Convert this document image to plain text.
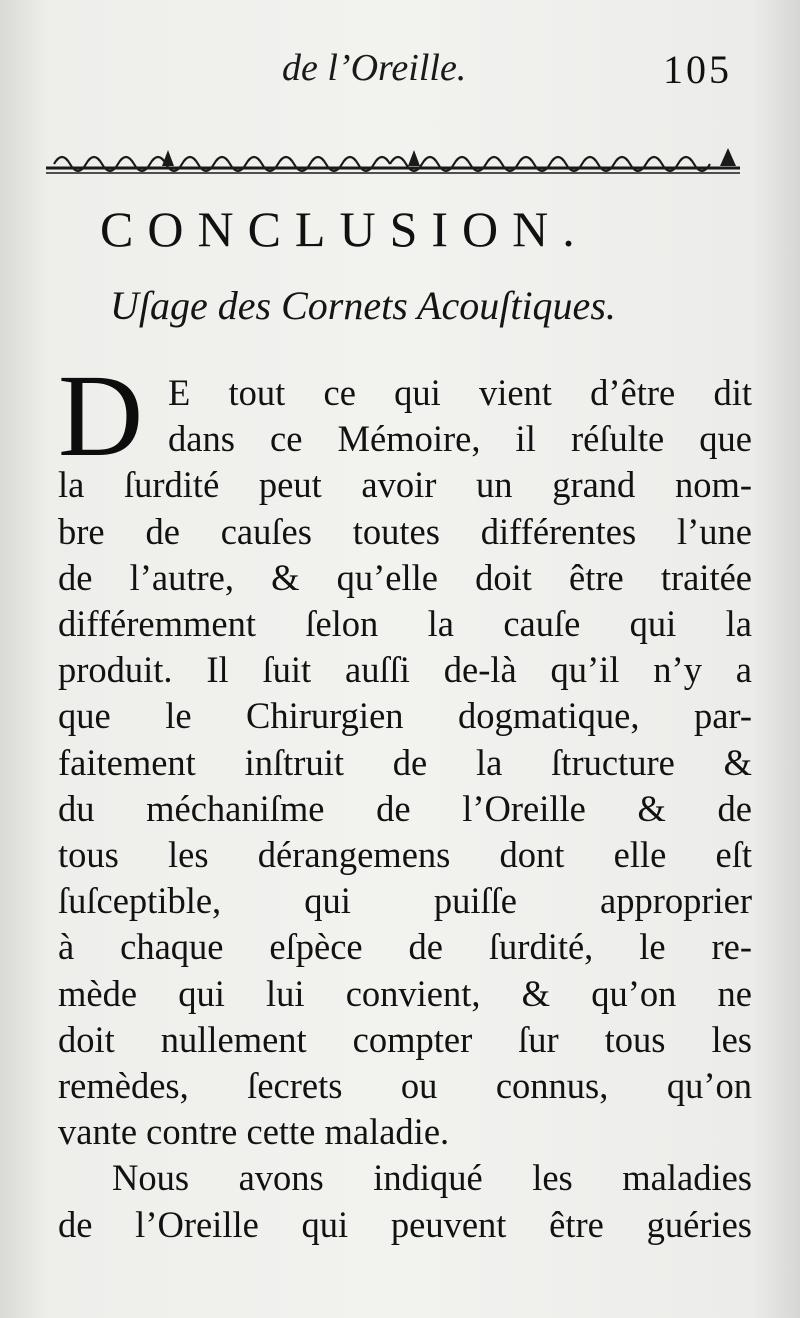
de l’Oreille.	105
CONCLUSION.
Uſage des Cornets Acouſtiques.
D E tout ce qui vient d’être dit
dans ce Mémoire, il réſulte que
la ſurdité peut avoir un grand nom-
bre de cauſes toutes différentes l’une
de l’autre, & qu’elle doit être traitée
différemment ſelon la cauſe qui la
produit. Il ſuit auſſi de-là qu’il n’y a
que le Chirurgien dogmatique, par-
faitement inſtruit de la ſtructure &
du méchaniſme de l’Oreille & de
tous les dérangemens dont elle eſt
ſuſceptible, qui puiſſe approprier
à chaque eſpèce de ſurdité, le re-
mède qui lui convient, & qu’on ne
doit nullement compter ſur tous les
remèdes, ſecrets ou connus, qu’on
vante contre cette maladie.
Nous avons indiqué les maladies
de l’Oreille qui peuvent être guéries
